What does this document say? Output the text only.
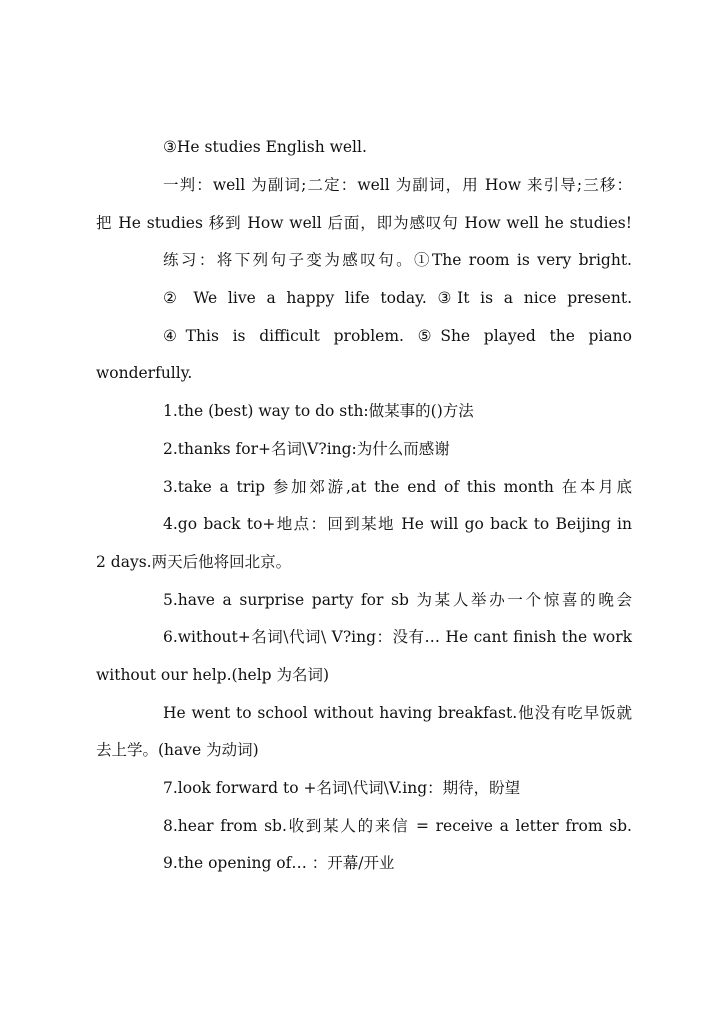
③He studies English well.
一判：well 为副词;二定：well 为副词，用 How 来引导;三移：
把 He studies 移到 How well 后面，即为感叹句 How well he studies!
练习：将下列句子变为感叹句。①The room is very bright.
② We live a happy life today. ③It is a nice present.
④This is difficult problem. ⑤She played the piano
wonderfully.
1.the (best) way to do sth:做某事的()方法
2.thanks for+名词\V?ing:为什么而感谢
3.take a trip 参加郊游,at the end of this month 在本月底
4.go back to+地点：回到某地 He will go back to Beijing in
2 days.两天后他将回北京。
5.have a surprise party for sb 为某人举办一个惊喜的晚会
6.without+名词\代词\ V?ing：没有… He cant finish the work
without our help.(help 为名词)
He went to school without having breakfast.他没有吃早饭就
去上学。(have 为动词)
7.look forward to +名词\代词\V.ing：期待，盼望
8.hear from sb.收到某人的来信 = receive a letter from sb.
9.the opening of… ：开幕/开业
